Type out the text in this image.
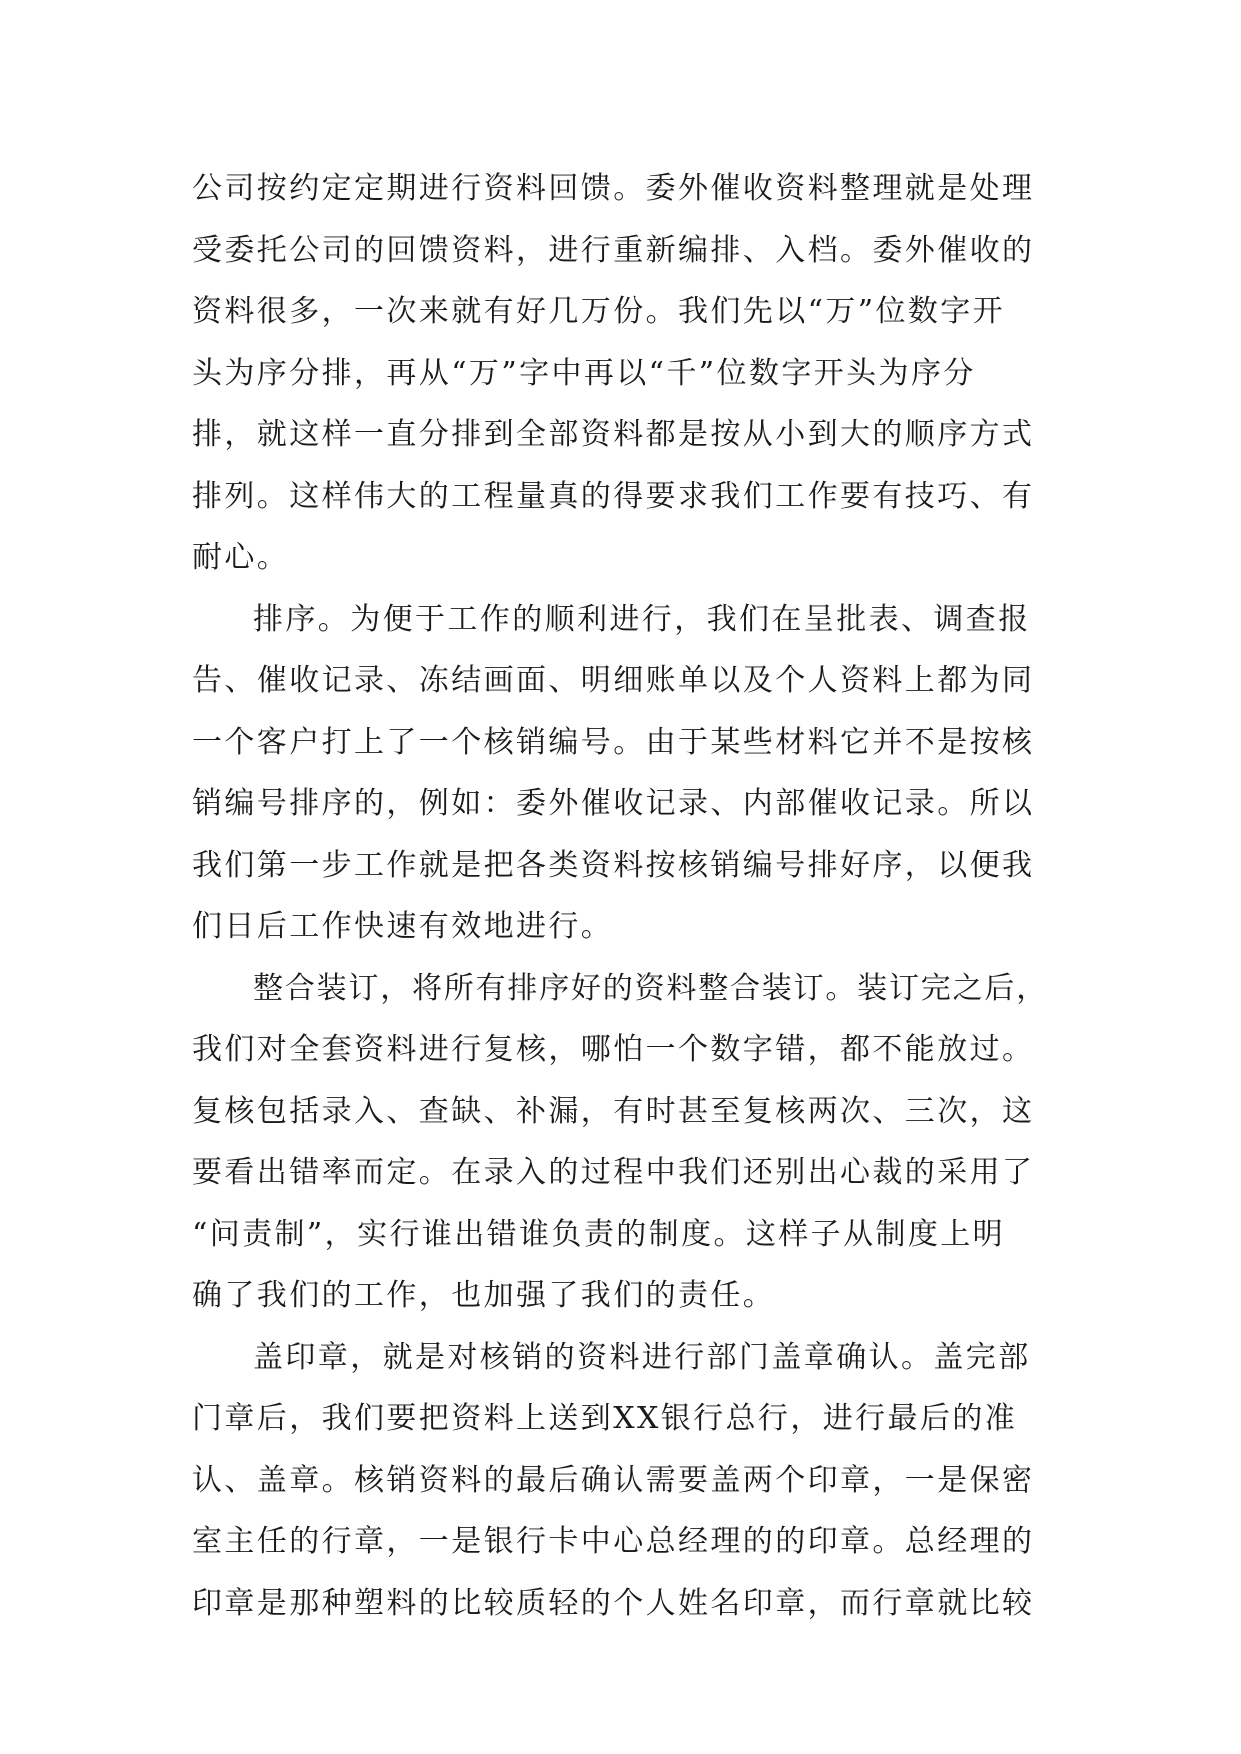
公司按约定定期进行资料回馈。委外催收资料整理就是处理
受委托公司的回馈资料，进行重新编排、入档。委外催收的
资料很多，一次来就有好几万份。我们先以“万”位数字开
头为序分排，再从“万”字中再以“千”位数字开头为序分
排，就这样一直分排到全部资料都是按从小到大的顺序方式
排列。这样伟大的工程量真的得要求我们工作要有技巧、有
耐心。
排序。为便于工作的顺利进行，我们在呈批表、调查报
告、催收记录、冻结画面、明细账单以及个人资料上都为同
一个客户打上了一个核销编号。由于某些材料它并不是按核
销编号排序的，例如：委外催收记录、内部催收记录。所以
我们第一步工作就是把各类资料按核销编号排好序，以便我
们日后工作快速有效地进行。
整合装订，将所有排序好的资料整合装订。装订完之后，
我们对全套资料进行复核，哪怕一个数字错，都不能放过。
复核包括录入、查缺、补漏，有时甚至复核两次、三次，这
要看出错率而定。在录入的过程中我们还别出心裁的采用了
“问责制”，实行谁出错谁负责的制度。这样子从制度上明
确了我们的工作，也加强了我们的责任。
盖印章，就是对核销的资料进行部门盖章确认。盖完部
门章后，我们要把资料上送到XX银行总行，进行最后的准
认、盖章。核销资料的最后确认需要盖两个印章，一是保密
室主任的行章，一是银行卡中心总经理的的印章。总经理的
印章是那种塑料的比较质轻的个人姓名印章，而行章就比较
